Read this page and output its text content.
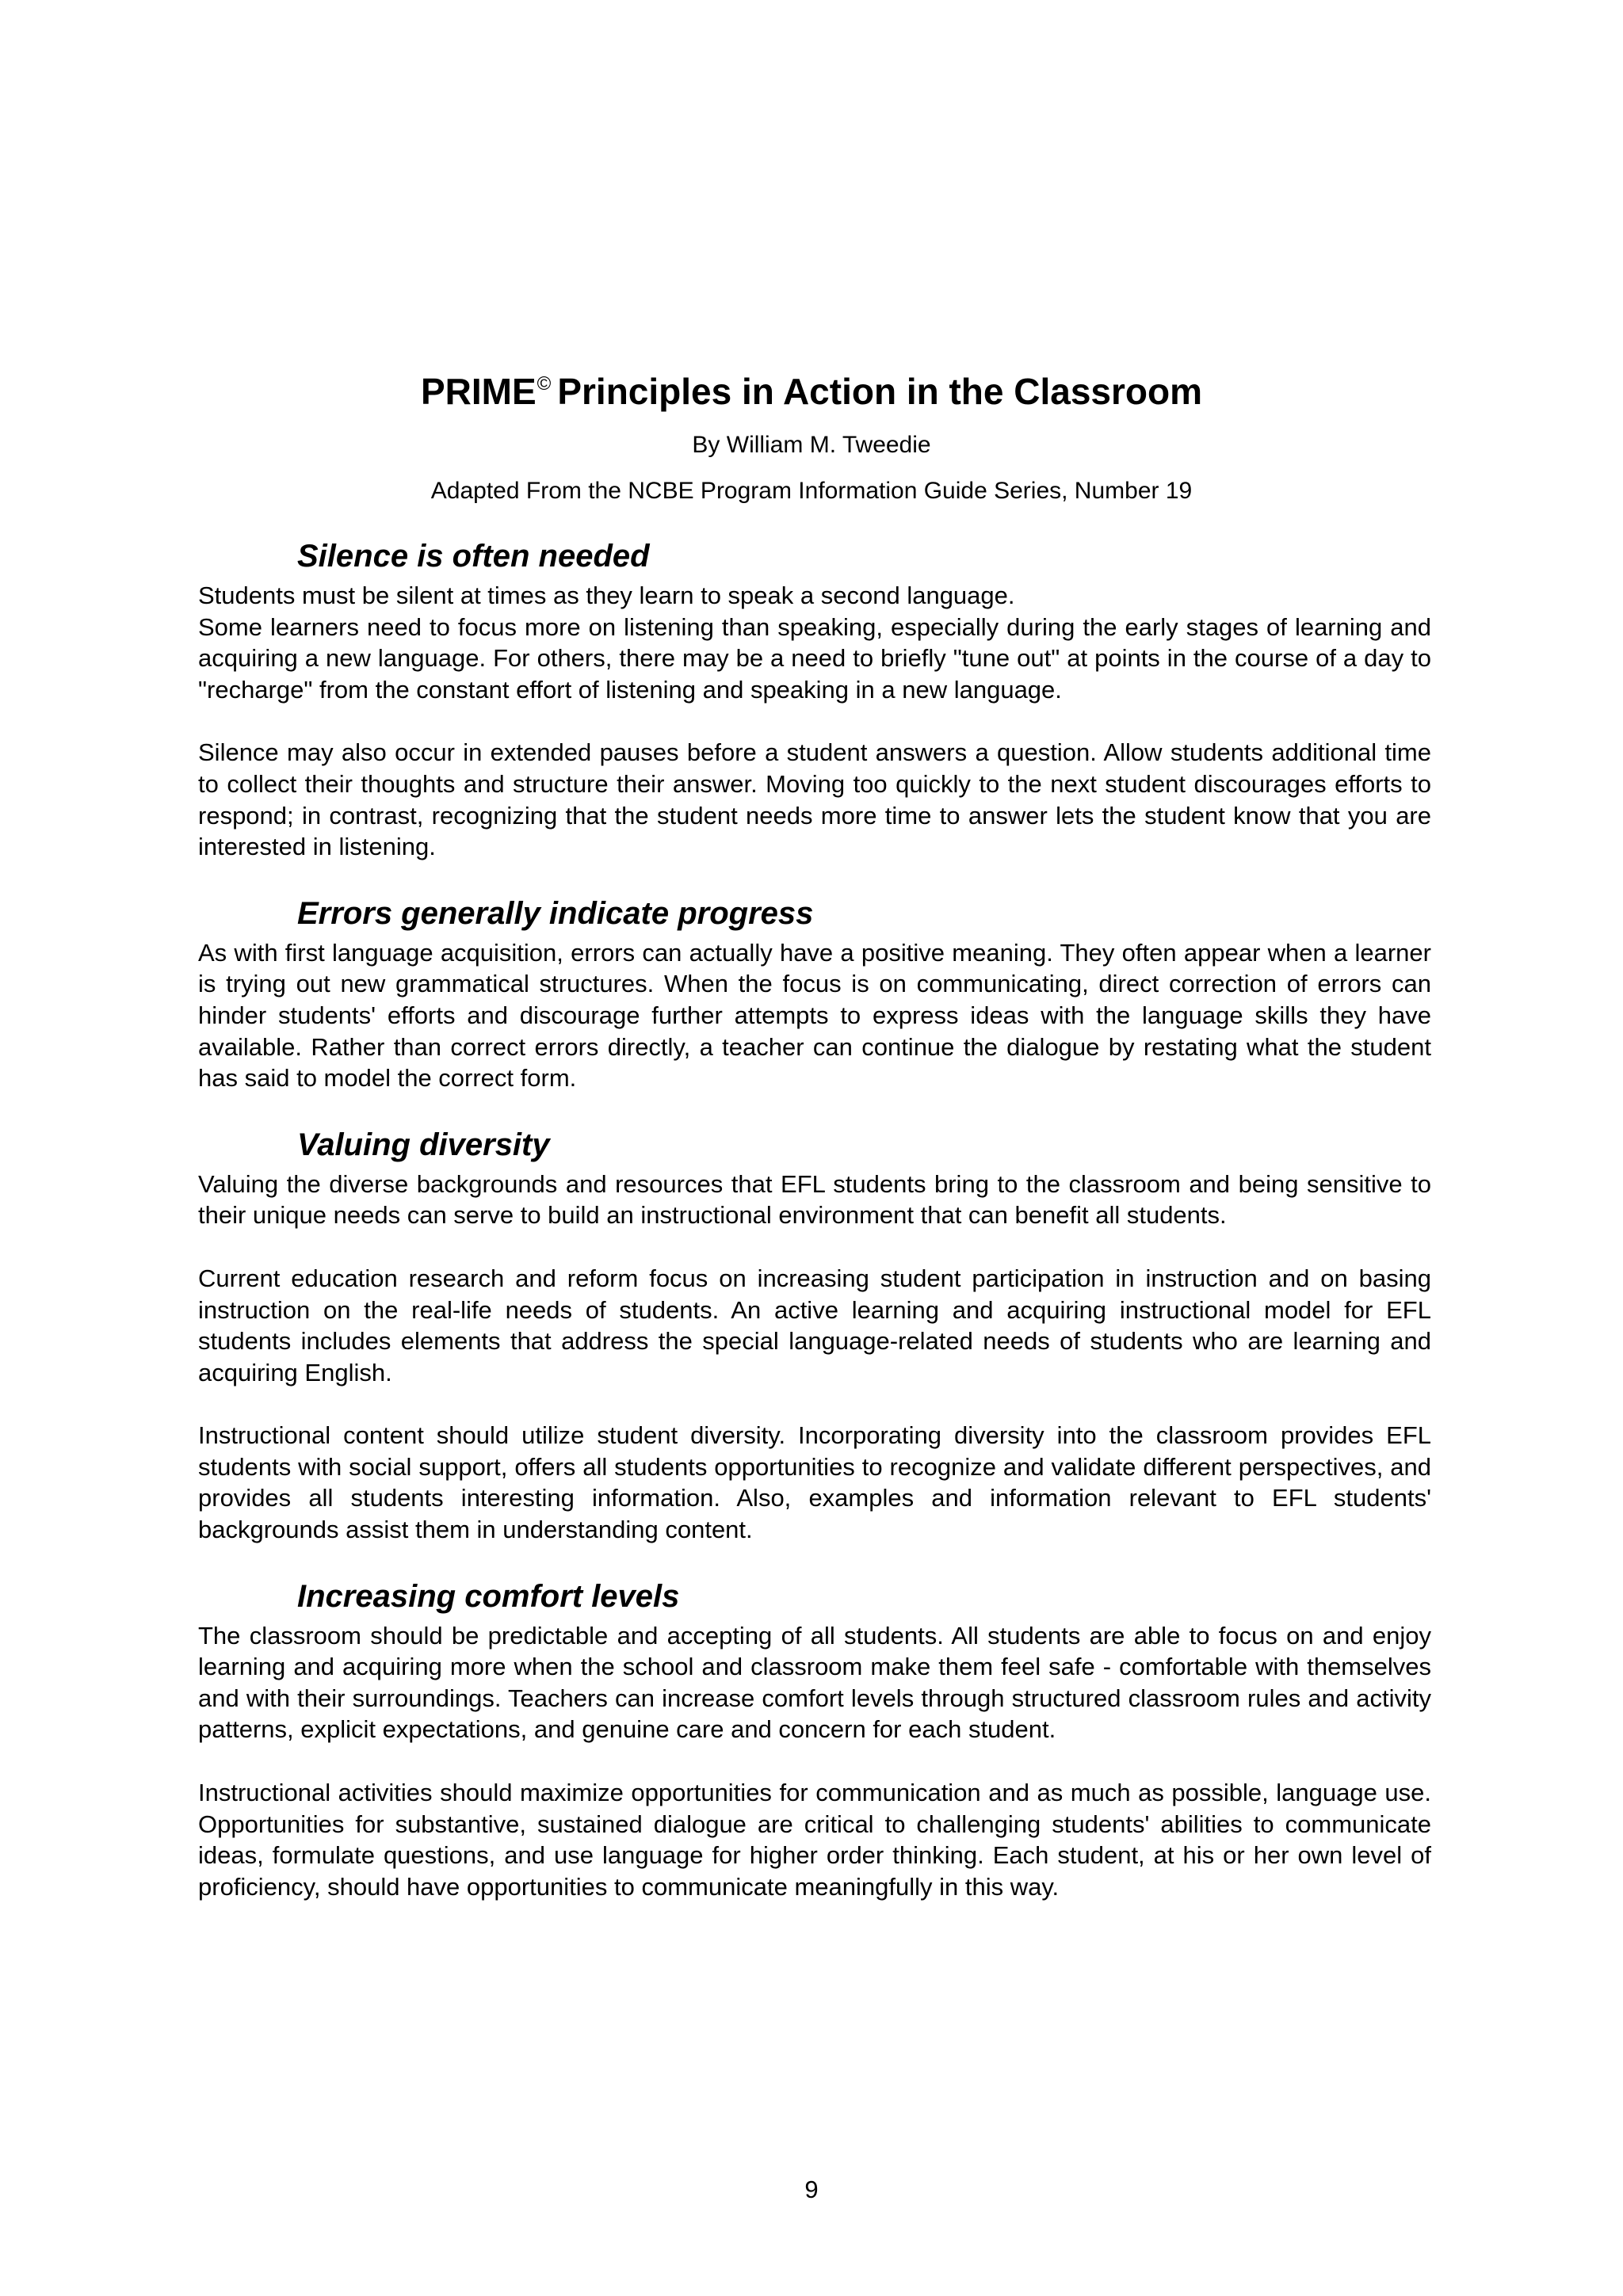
PRIME© Principles in Action in the Classroom

By William M. Tweedie

Adapted From the NCBE Program Information Guide Series, Number 19

Silence is often needed

Students must be silent at times as they learn to speak a second language.

Some learners need to focus more on listening than speaking, especially during the early stages of learning and acquiring a new language. For others, there may be a need to briefly "tune out" at points in the course of a day to "recharge" from the constant effort of listening and speaking in a new language.

Silence may also occur in extended pauses before a student answers a question. Allow students additional time to collect their thoughts and structure their answer. Moving too quickly to the next student discourages efforts to respond; in contrast, recognizing that the student needs more time to answer lets the student know that you are interested in listening.

Errors generally indicate progress

As with first language acquisition, errors can actually have a positive meaning. They often appear when a learner is trying out new grammatical structures. When the focus is on communicating, direct correction of errors can hinder students' efforts and discourage further attempts to express ideas with the language skills they have available. Rather than correct errors directly, a teacher can continue the dialogue by restating what the student has said to model the correct form.

Valuing diversity

Valuing the diverse backgrounds and resources that EFL students bring to the classroom and being sensitive to their unique needs can serve to build an instructional environment that can benefit all students.

Current education research and reform focus on increasing student participation in instruction and on basing instruction on the real-life needs of students. An active learning and acquiring instructional model for EFL students includes elements that address the special language-related needs of students who are learning and acquiring English.

Instructional content should utilize student diversity. Incorporating diversity into the classroom provides EFL students with social support, offers all students opportunities to recognize and validate different perspectives, and provides all students interesting information. Also, examples and information relevant to EFL students' backgrounds assist them in understanding content.

Increasing comfort levels

The classroom should be predictable and accepting of all students. All students are able to focus on and enjoy learning and acquiring more when the school and classroom make them feel safe - comfortable with themselves and with their surroundings. Teachers can increase comfort levels through structured classroom rules and activity patterns, explicit expectations, and genuine care and concern for each student.

Instructional activities should maximize opportunities for communication and as much as possible, language use. Opportunities for substantive, sustained dialogue are critical to challenging students' abilities to communicate ideas, formulate questions, and use language for higher order thinking. Each student, at his or her own level of proficiency, should have opportunities to communicate meaningfully in this way.

9
